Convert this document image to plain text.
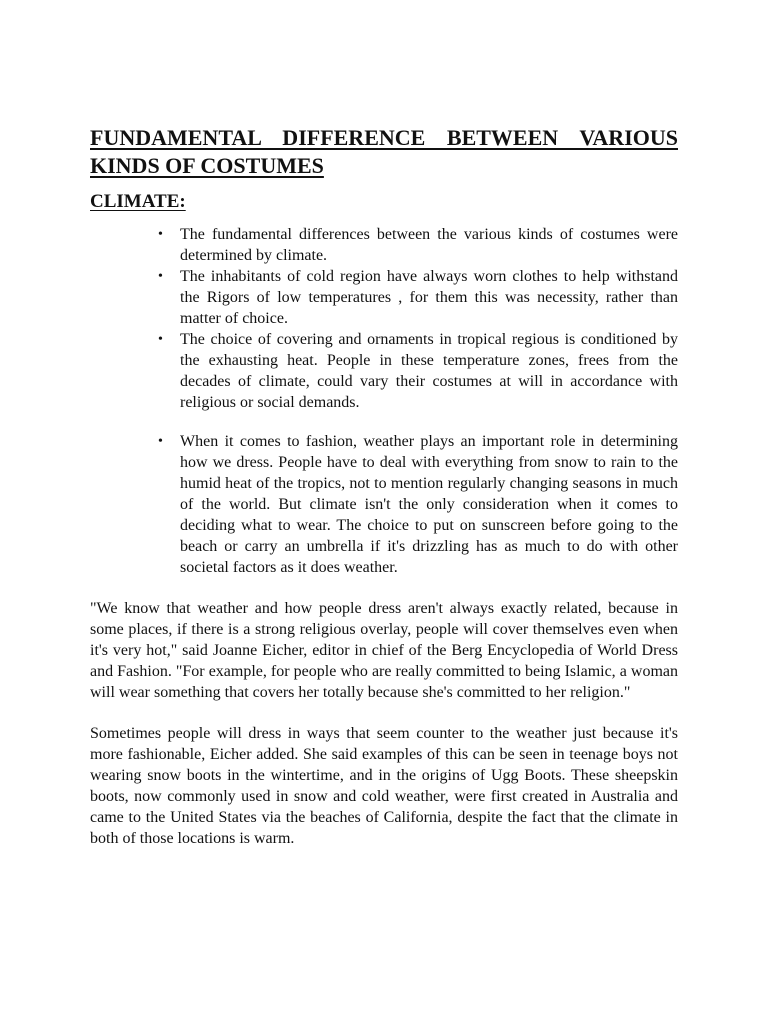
FUNDAMENTAL DIFFERENCE BETWEEN VARIOUS KINDS OF COSTUMES
CLIMATE:
• The fundamental differences between the various kinds of costumes were determined by climate.
• The inhabitants of cold region have always worn clothes to help withstand the Rigors of low temperatures , for them this was necessity, rather than matter of choice.
• The choice of covering and ornaments in tropical regious is conditioned by the exhausting heat. People in these temperature zones, frees from the decades of climate, could vary their costumes at will in accordance with religious or social demands.
• When it comes to fashion, weather plays an important role in determining how we dress. People have to deal with everything from snow to rain to the humid heat of the tropics, not to mention regularly changing seasons in much of the world. But climate isn't the only consideration when it comes to deciding what to wear. The choice to put on sunscreen before going to the beach or carry an umbrella if it's drizzling has as much to do with other societal factors as it does weather.

"We know that weather and how people dress aren't always exactly related, because in some places, if there is a strong religious overlay, people will cover themselves even when it's very hot," said Joanne Eicher, editor in chief of the Berg Encyclopedia of World Dress and Fashion. "For example, for people who are really committed to being Islamic, a woman will wear something that covers her totally because she's committed to her religion."

Sometimes people will dress in ways that seem counter to the weather just because it's more fashionable, Eicher added. She said examples of this can be seen in teenage boys not wearing snow boots in the wintertime, and in the origins of Ugg Boots. These sheepskin boots, now commonly used in snow and cold weather, were first created in Australia and came to the United States via the beaches of California, despite the fact that the climate in both of those locations is warm.
